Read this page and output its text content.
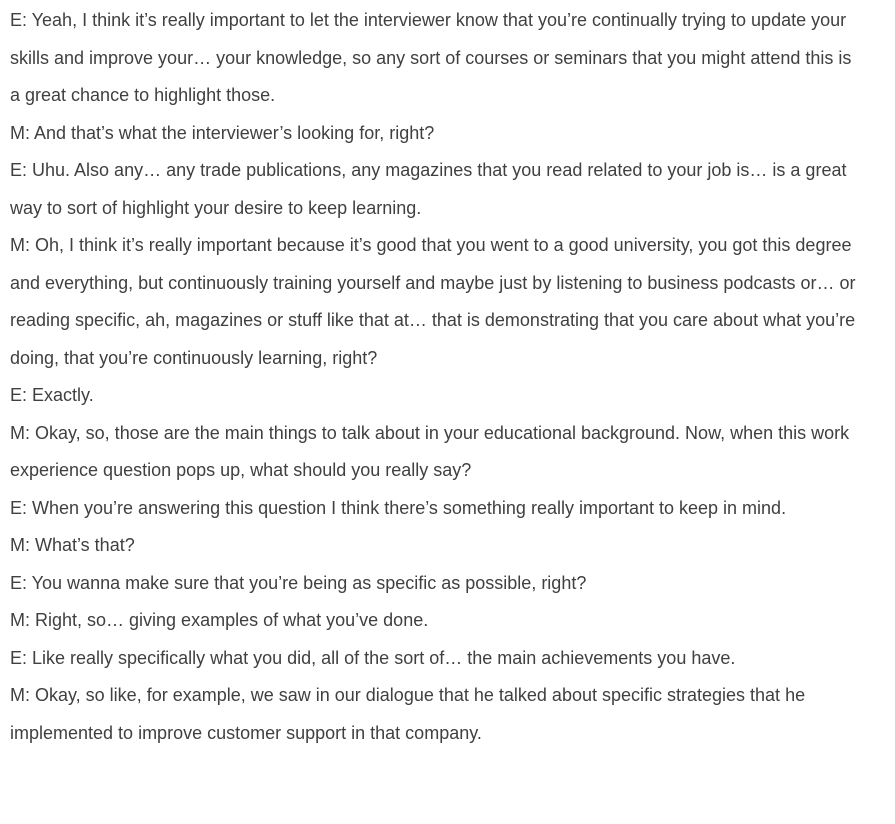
E: Yeah, I think it’s really important to let the interviewer know that you’re continually trying to update your skills and improve your… your knowledge, so any sort of courses or seminars that you might attend this is a great chance to highlight those.

M: And that’s what the interviewer’s looking for, right?

E: Uhu. Also any… any trade publications, any magazines that you read related to your job is… is a great way to sort of highlight your desire to keep learning.

M: Oh, I think it’s really important because it’s good that you went to a good university, you got this degree and everything, but continuously training yourself and maybe just by listening to business podcasts or… or reading specific, ah, magazines or stuff like that at… that is demonstrating that you care about what you’re doing, that you’re continuously learning, right?

E: Exactly.

M: Okay, so, those are the main things to talk about in your educational background. Now, when this work experience question pops up, what should you really say?

E: When you’re answering this question I think there’s something really important to keep in mind.

M: What’s that?

E: You wanna make sure that you’re being as specific as possible, right?

M: Right, so… giving examples of what you’ve done.

E: Like really specifically what you did, all of the sort of… the main achievements you have.

M: Okay, so like, for example, we saw in our dialogue that he talked about specific strategies that he implemented to improve customer support in that company.
